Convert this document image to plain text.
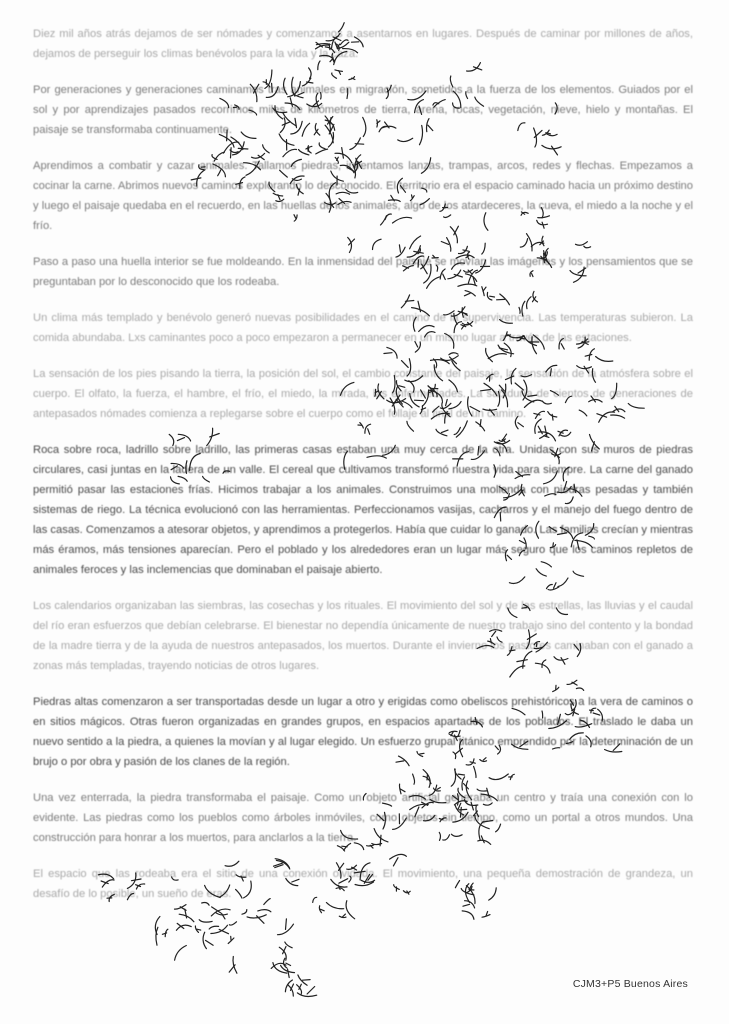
Diez mil años atrás dejamos de ser nómades y comenzamos a asentarnos en lugares. Después de caminar por millones de años, dejamos de perseguir los climas benévolos para la vida y la caza.

Por generaciones y generaciones caminamos tras animales en migración, sometidos a la fuerza de los elementos. Guiados por el sol y por aprendizajes pasados recorrimos miles de kilómetros de tierra, arena, rocas, vegetación, nieve, hielo y montañas. El paisaje se transformaba continuamente.

Aprendimos a combatir y cazar animales. Tallamos piedras, inventamos lanzas, trampas, arcos, redes y flechas. Empezamos a cocinar la carne. Abrimos nuevos caminos explorando lo desconocido. El territorio era el espacio caminado hacia un próximo destino y luego el paisaje quedaba en el recuerdo, en las huellas de los animales, algo de los atardeceres, la cueva, el miedo a la noche y el frío.

Paso a paso una huella interior se fue moldeando. En la inmensidad del paisaje se movían las imágenes y los pensamientos que se preguntaban por lo desconocido que los rodeaba.

Un clima más templado y benévolo generó nuevas posibilidades en el camino de la supervivencia. Las temperaturas subieron. La comida abundaba. Lxs caminantes poco a poco empezaron a permanecer en un mismo lugar a través de las estaciones.

La sensación de los pies pisando la tierra, la posición del sol, el cambio constante del paisaje, la sensación de la atmósfera sobre el cuerpo. El olfato, la fuerza, el hambre, el frío, el miedo, la mirada, las enfermedades. La sabiduría de cientos de generaciones de antepasados nómades comienza a replegarse sobre el cuerpo como el follaje al final de un camino.

Roca sobre roca, ladrillo sobre ladrillo, las primeras casas estaban una muy cerca de la otra. Unidas con sus muros de piedras circulares, casi juntas en la ladera de un valle. El cereal que cultivamos transformó nuestra vida para siempre. La carne del ganado permitió pasar las estaciones frías. Hicimos trabajar a los animales. Construimos una molienda con piedras pesadas y también sistemas de riego. La técnica evolucionó con las herramientas. Perfeccionamos vasijas, cacharros y el manejo del fuego dentro de las casas. Comenzamos a atesorar objetos, y aprendimos a protegerlos. Había que cuidar lo ganado. Las familias crecían y mientras más éramos, más tensiones aparecían. Pero el poblado y los alrededores eran un lugar más seguro que los caminos repletos de animales feroces y las inclemencias que dominaban el paisaje abierto.

Los calendarios organizaban las siembras, las cosechas y los rituales. El movimiento del sol y de las estrellas, las lluvias y el caudal del río eran esfuerzos que debían celebrarse. El bienestar no dependía únicamente de nuestro trabajo sino del contento y la bondad de la madre tierra y de la ayuda de nuestros antepasados, los muertos. Durante el invierno los pastores caminaban con el ganado a zonas más templadas, trayendo noticias de otros lugares.

Piedras altas comenzaron a ser transportadas desde un lugar a otro y erigidas como obeliscos prehistóricos a la vera de caminos o en sitios mágicos. Otras fueron organizadas en grandes grupos, en espacios apartados de los poblados. El traslado le daba un nuevo sentido a la piedra, a quienes la movían y al lugar elegido. Un esfuerzo grupal titánico emprendido por la determinación de un brujo o por obra y pasión de los clanes de la región.

Una vez enterrada, la piedra transformaba el paisaje. Como un objeto artificial generaba un centro y traía una conexión con lo evidente. Las piedras como los pueblos como árboles inmóviles, como objetos sin tiempo, como un portal a otros mundos. Una construcción para honrar a los muertos, para anclarlos a la tierra.

El espacio que las rodeaba era el sitio de una conexión olvidada. El movimiento, una pequeña demostración de grandeza, un desafío de lo posible, un sueño de eras.

CJM3+P5 Buenos Aires
